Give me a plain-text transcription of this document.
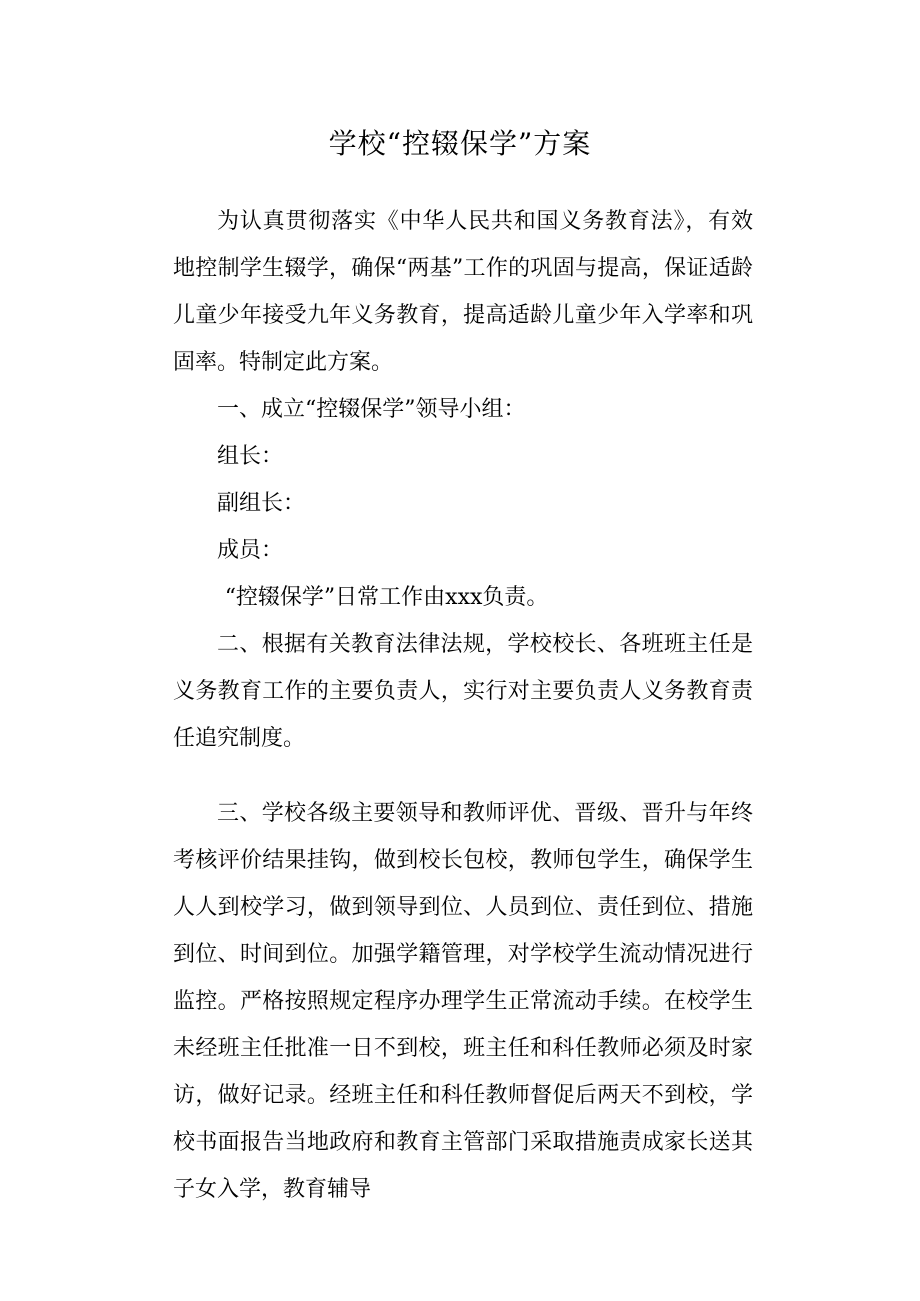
学校“控辍保学”方案

为认真贯彻落实《中华人民共和国义务教育法》，有效地控制学生辍学，确保“两基”工作的巩固与提高，保证适龄儿童少年接受九年义务教育，提高适龄儿童少年入学率和巩固率。特制定此方案。

一、成立“控辍保学”领导小组：

组长：

副组长：

成员：

“控辍保学”日常工作由xxx负责。

二、根据有关教育法律法规，学校校长、各班班主任是义务教育工作的主要负责人，实行对主要负责人义务教育责任追究制度。

三、学校各级主要领导和教师评优、晋级、晋升与年终考核评价结果挂钩，做到校长包校，教师包学生，确保学生人人到校学习，做到领导到位、人员到位、责任到位、措施到位、时间到位。加强学籍管理，对学校学生流动情况进行监控。严格按照规定程序办理学生正常流动手续。在校学生未经班主任批准一日不到校，班主任和科任教师必须及时家访，做好记录。经班主任和科任教师督促后两天不到校，学校书面报告当地政府和教育主管部门采取措施责成家长送其子女入学，教育辅导
